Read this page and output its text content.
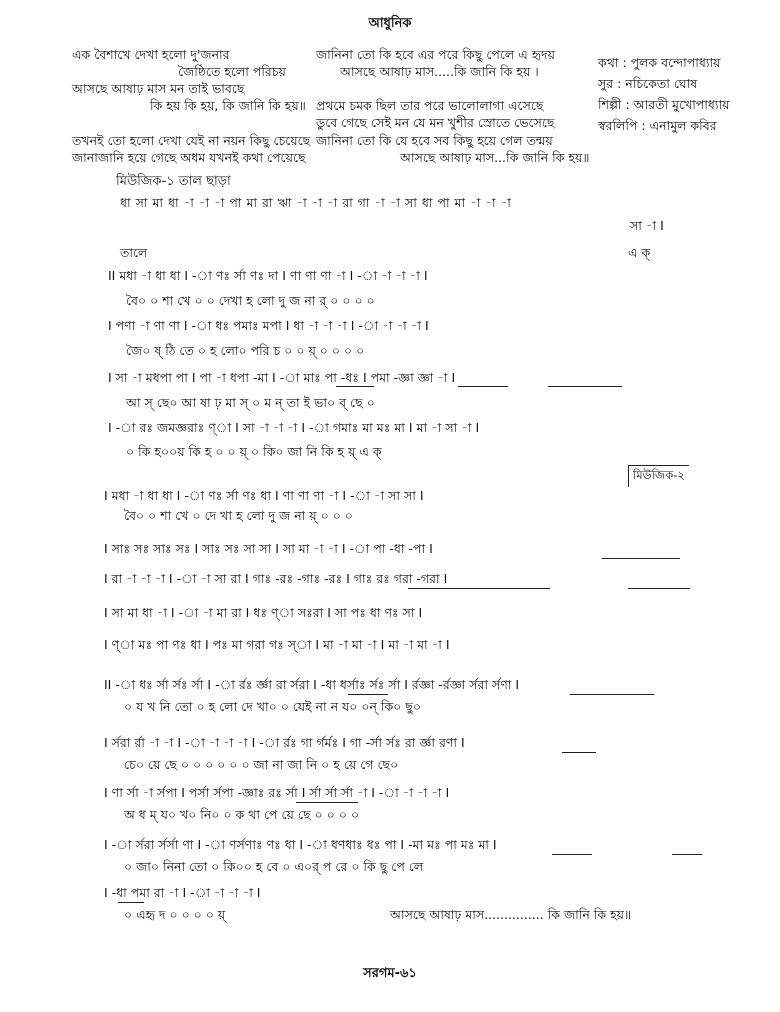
আধুনিক
এক বৈশাখে দেখা হলো দু'জনার
জৈষ্ঠিতে হলো পরিচয়
আসছে আষাঢ় মাস মন তাই ভাবছে
কি হয় কি হয়, কি জানি কি হয়॥
তখনই তো হলো দেখা যেই না নয়ন কিছু চেয়েছে
জানাজানি হয়ে গেছে অধম যখনই কথা পেয়েছে
জানিনা তো কি হবে এর পরে কিছু পেলে এ হৃদয়
আসছে আষাঢ় মাস.....কি জানি কি হয় ।
প্রথমে চমক ছিল তার পরে ভালোলাগা এসেছে
ডুবে গেছে সেই মন যে মন খুশীর স্রোতে ভেসেছে
জানিনা তো কি যে হবে সব কিছু হয়ে গেল তন্ময়
আসছে আষাঢ় মাস...কি জানি কি হয়॥
কথা : পুলক বন্দোপাধ্যায়
সুর : নচিকেতা ঘোষ
শিল্পী : আরতী মুখোপাধ্যায়
স্বরলিপি : এনামুল কবির
মিউজিক-১ তাল ছাড়া
ধা সা মা ধা -া -া -া পা মা রা ঋা -া -া -া রা গা -া -া সা ধা পা মা -া -া -া
সা -া I
তালে	এ ক্
II মধা -া ধা ধা I -া ণঃ র্সা ণঃ দা I ণা ণা ণা -া I -া -া -া -া I
বৈ০ ০ শা খে ০ ০ দেখা হ লো দু জ না র্ ০ ০ ০ ০
I পণা -া ণা ণা I -া ধঃ পমাঃ মপা I ধা -া -া -া I -া -া -া -া I
জৈ০ ষ্ ঠি তে ০ হ লো০ পরি চ ০ ০ য়্ ০ ০ ০ ০
I সা -া মধপা পা I পা -া ধপা -মা I -া মাঃ পা -ধঃ I পমা -জ্ঞা জ্ঞা -া I
আ স্ ছে০ আ ষা ঢ় মা স্ ০ ম ন্ তা ই ভা০ ব্ ছে ০
I -া রঃ জমজ্ঞরাঃ ণ্া I সা -া -া -া I -া গমাঃ মা মঃ মা I মা -া সা -া I
০ কি হ০০য় কি হ ০ ০ য়্ ০ কি০ জা নি কি হ য়্ এ ক্
মিউজিক-২
I মধা -া ধা ধা I -া ণঃ র্সা ণঃ ধা I ণা ণা ণা -া I -া -া সা সা I
বৈ০ ০ শা খে ০ দে খা হ লো দু জ না য়্ ০ ০ ০
I সাঃ সঃ সাঃ সঃ I সাঃ সঃ সা সা I সা মা -া -া I -া পা -ধা -পা I
I রা -া -া -া I -া -া সা রা I গাঃ -রঃ -গাঃ -রঃ I গাঃ রঃ গরা -গরা I
I সা মা ধা -া I -া -া মা রা I ধঃ ণ্া সঃরা I সা পঃ ধা ণঃ সা I
I ণ্া মঃ পা ণঃ ধা I পঃ মা গরা গঃ স্া I মা -া মা -া I মা -া মা -া I
II -া ধঃ র্সা র্সঃ র্সা I -া র্রঃ র্জ্ঞা রা র্সরা I -ধা ধর্সাঃ র্সঃ র্সা I র্রজ্ঞা -র্রজ্ঞা র্সরা র্সণা I
০ য খ নি তো ০ হ লো দে খা০ ০ যেই না ন য০ ০ন্ কি০ ছু০
I র্সরা র্রা -া -া I -া -া -া -া I -া র্রঃ গা র্গর্মঃ I গা -র্সা র্সঃ রা র্জ্ঞা রণা I
চে০ য়ে ছে ০ ০ ০ ০ ০ ০ জা না জা নি ০ হ য়ে গে ছে০
I ণা র্সা -া র্সপা I পর্সা র্সপা -জ্ঞাঃ রঃ র্সা I র্সা র্সা র্সা -া I -া -া -া -া I
অ ধ ম্ য০ খ০ নি০ ০ ক থা পে য়ে ছে ০ ০ ০ ০
I -া র্সরা র্সর্সা ণা I -া ণর্সণাঃ ণঃ ধা I -া ধণধাঃ ধঃ পা I -মা মঃ পা মঃ মা I
০ জা০ নিনা তো ০ কি০০ হ বে ০ এ০র্ প রে ০ কি ছু পে লে
I -ধা পমা রা -া I -া -া -া -া I
০ এহৃ দ ০ ০ ০ ০ য়্	আসছে আষাঢ় মাস............... কি জানি কি হয়॥
সরগম-৬১
